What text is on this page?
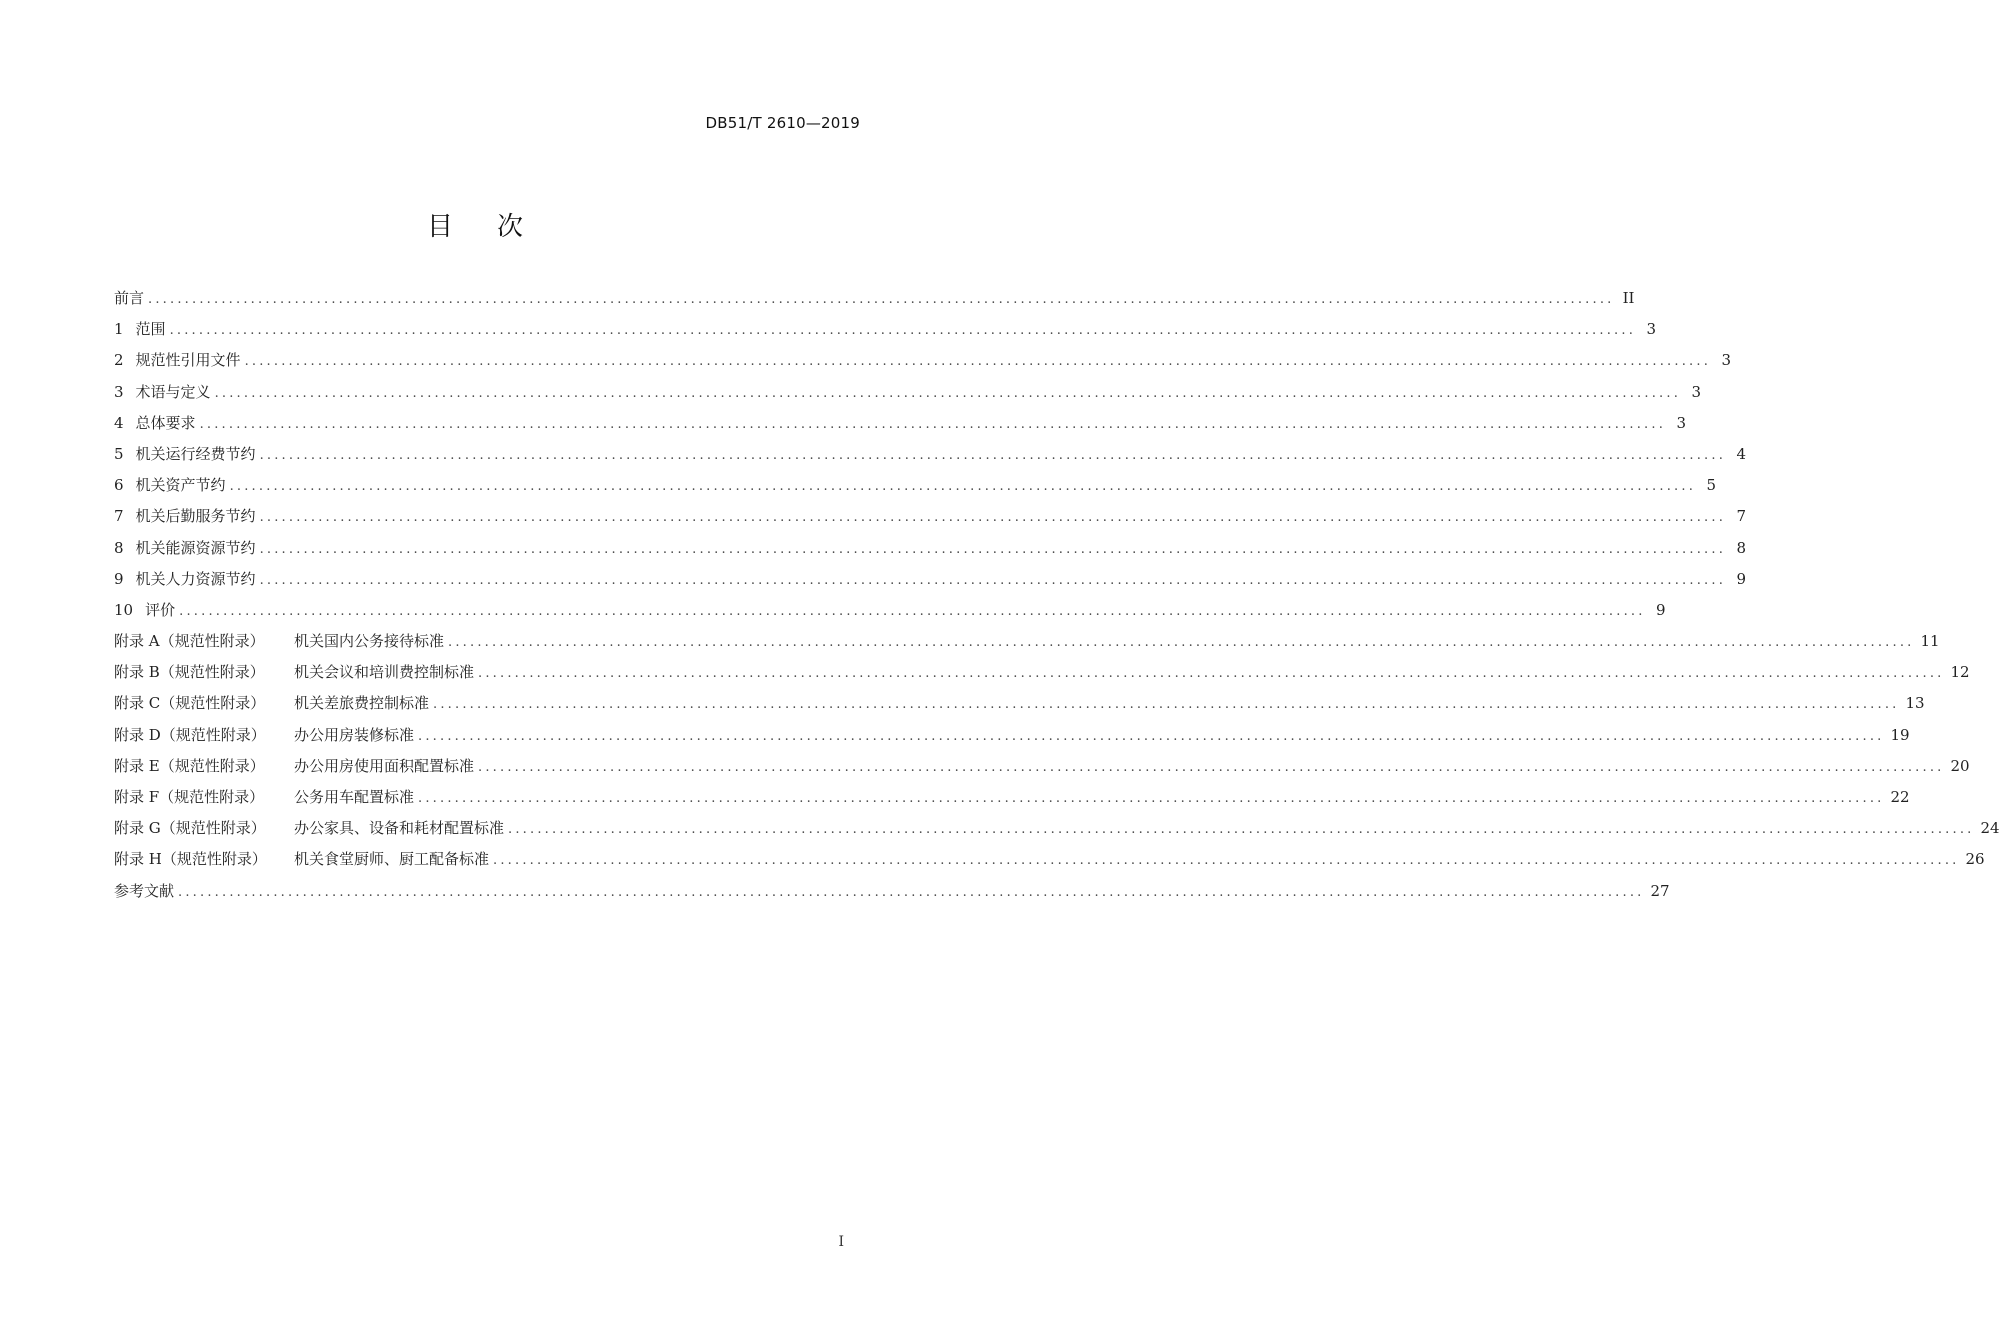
DB51/T 2610—2019
目次
前言 ........................................................................................................................................................................................................ II
1 范围 ........................................................................................................................................................................................................ 3
2 规范性引用文件 ........................................................................................................................................................................................................ 3
3 术语与定义 ........................................................................................................................................................................................................ 3
4 总体要求 ........................................................................................................................................................................................................ 3
5 机关运行经费节约 ........................................................................................................................................................................................................ 4
6 机关资产节约 ........................................................................................................................................................................................................ 5
7 机关后勤服务节约 ........................................................................................................................................................................................................ 7
8 机关能源资源节约 ........................................................................................................................................................................................................ 8
9 机关人力资源节约 ........................................................................................................................................................................................................ 9
10 评价 ........................................................................................................................................................................................................ 9
附录 A（规范性附录） 机关国内公务接待标准 ........................................................................................................................................................................................................ 11
附录 B（规范性附录） 机关会议和培训费控制标准 ........................................................................................................................................................................................................ 12
附录 C（规范性附录） 机关差旅费控制标准 ........................................................................................................................................................................................................ 13
附录 D（规范性附录） 办公用房装修标准 ........................................................................................................................................................................................................ 19
附录 E（规范性附录） 办公用房使用面积配置标准 ........................................................................................................................................................................................................ 20
附录 F（规范性附录） 公务用车配置标准 ........................................................................................................................................................................................................ 22
附录 G（规范性附录） 办公家具、设备和耗材配置标准 ........................................................................................................................................................................................................ 24
附录 H（规范性附录） 机关食堂厨师、厨工配备标准 ........................................................................................................................................................................................................ 26
参考文献 ........................................................................................................................................................................................................ 27
I
